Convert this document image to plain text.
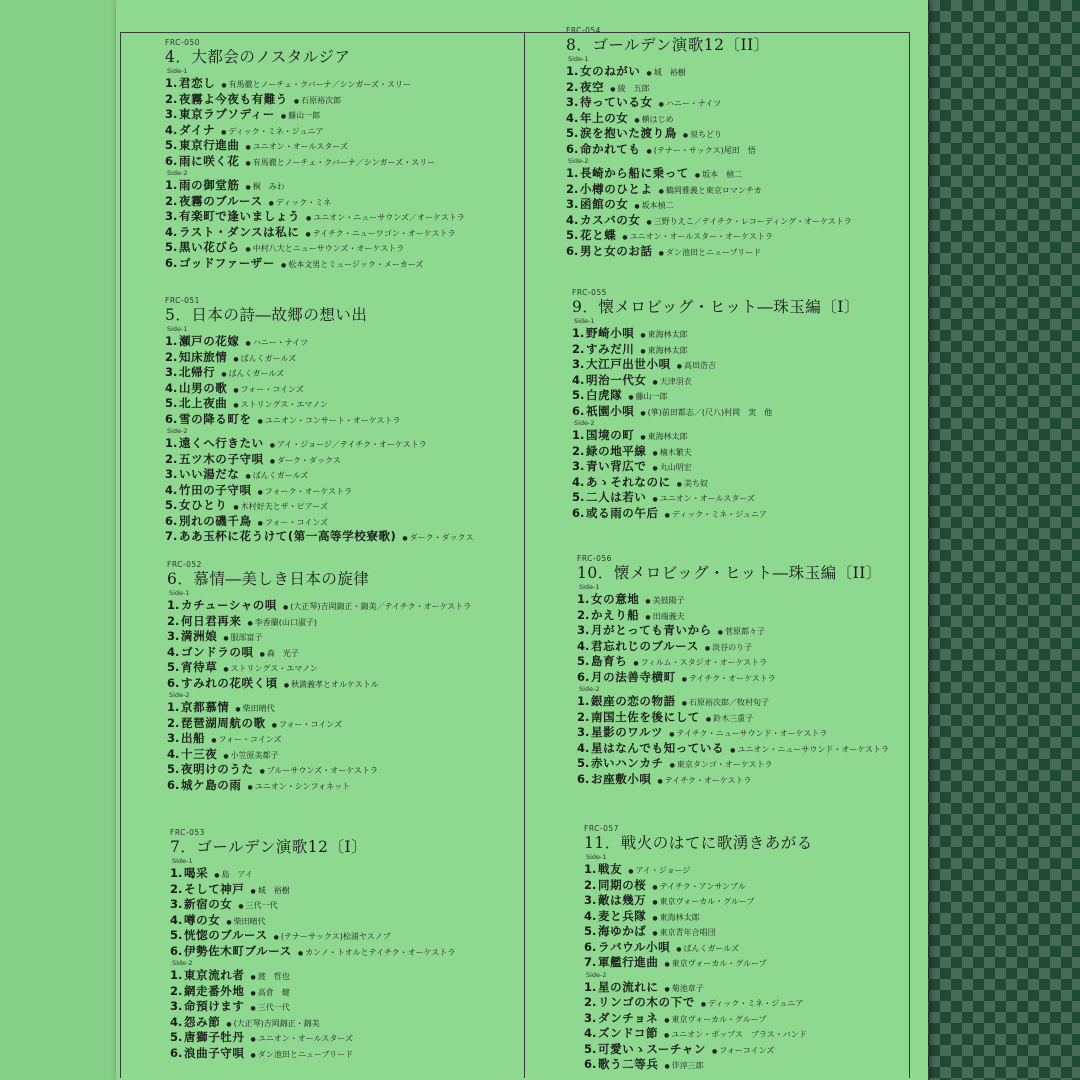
FRC-050
4．大都会のノスタルジア
Side-1
1. 君恋し ● 有馬徹とノーチェ・クバーナ／シンガーズ・スリー
2. 夜霧よ今夜も有難う ● 石原裕次郎
3. 東京ラプソディー ● 藤山一郎
4. ダイナ ● ディック・ミネ・ジュニア
5. 東京行進曲 ● ユニオン・オールスターズ
6. 雨に咲く花 ● 有馬徹とノーチェ・クバーナ／シンガーズ・スリー
Side-2
1. 雨の御堂筋 ● 桐　みわ
2. 夜霧のブルース ● ディック・ミネ
3. 有楽町で逢いましょう ● ユニオン・ニューサウンズ／オーケストラ
4. ラスト・ダンスは私に ● テイチク・ニューワゴン・オーケストラ
5. 黒い花びら ● 中村八大とニューサウンズ・オーケストラ
6. ゴッドファーザー ● 松本文男とミュージック・メーカーズ
FRC-051
5．日本の詩―故郷の想い出
Side-1
1. 瀬戸の花嫁 ● ハニー・ナイツ
2. 知床旅情 ● ばんくガールズ
3. 北帰行 ● ばんくガールズ
4. 山男の歌 ● フォー・コインズ
5. 北上夜曲 ● ストリングス・エマノン
6. 雪の降る町を ● ユニオン・コンサート・オーケストラ
Side-2
1. 遠くへ行きたい ● アイ・ジョージ／テイチク・オーケストラ
2. 五ツ木の子守唄 ● ダーク・ダックス
3. いい湯だな ● ばんくガールズ
4. 竹田の子守唄 ● フォーク・オーケストラ
5. 女ひとり ● 木村好夫とザ・ピアーズ
6. 別れの磯千鳥 ● フォー・コインズ
7. ああ玉杯に花うけて(第一高等学校寮歌) ● ダーク・ダックス
FRC-052
6．慕情―美しき日本の旋律
Side-1
1. カチューシャの唄 ● (大正琴)吉岡錦正・錦美／テイチク・オーケストラ
2. 何日君再来 ● 李香蘭(山口淑子)
3. 満洲娘 ● 服部富子
4. ゴンドラの唄 ● 森　光子
5. 宵待草 ● ストリングス・エマノン
6. すみれの花咲く頃 ● 秋満義孝とオルケストル
Side-2
1. 京都慕情 ● 柴田晴代
2. 琵琶湖周航の歌 ● フォー・コインズ
3. 出船 ● フォー・コインズ
4. 十三夜 ● 小笠原美都子
5. 夜明けのうた ● ブルーサウンズ・オーケストラ
6. 城ケ島の雨 ● ユニオン・シンフォネット
FRC-053
7．ゴールデン演歌12〔I〕
Side-1
1. 喝采 ● 島　アイ
2. そして神戸 ● 城　裕樹
3. 新宿の女 ● 三代一代
4. 噂の女 ● 柴田晴代
5. 恍惚のブルース ● (テナーサックス)松浦ヤスノブ
6. 伊勢佐木町ブルース ● カンノ・トオルとテイチク・オーケストラ
Side-2
1. 東京流れ者 ● 渡　哲也
2. 網走番外地 ● 高倉　健
3. 命預けます ● 三代一代
4. 怨み節 ● (大正琴)吉岡錦正・錦美
5. 唐獅子牡丹 ● ユニオン・オールスターズ
6. 浪曲子守唄 ● ダン池田とニューブリード
FRC-054
8．ゴールデン演歌12〔II〕
Side-1
1. 女のねがい ● 城　裕樹
2. 夜空 ● 綾　五郎
3. 待っている女 ● ハニー・ナイツ
4. 年上の女 ● 横はじめ
5. 涙を抱いた渡り鳥 ● 泉ちどり
6. 命かれても ● (テナー・サックス)尾田　悟
Side-2
1. 長崎から船に乗って ● 坂本　楨二
2. 小樽のひとよ ● 鶴岡雅義と東京ロマンチカ
3. 函館の女 ● 坂本楨二
4. カスバの女 ● 三野りえこ／テイチク・レコーディング・オーケストラ
5. 花と蝶 ● ユニオン・オールスター・オーケストラ
6. 男と女のお話 ● ダン池田とニューブリード
FRC-055
9．懐メロビッグ・ヒット―珠玉編〔I〕
Side-1
1. 野崎小唄 ● 東海林太郎
2. すみだ川 ● 東海林太郎
3. 大江戸出世小唄 ● 高田浩吉
4. 明治一代女 ● 天津羽衣
5. 白虎隊 ● 藤山一郎
6. 祇園小唄 ● (箏)前田都志／(尺八)村岡　実　他
Side-2
1. 国境の町 ● 東海林太郎
2. 緑の地平線 ● 楠木繁夫
3. 青い背広で ● 丸山明宏
4. あゝそれなのに ● 美ち奴
5. 二人は若い ● ユニオン・オールスターズ
6. 或る雨の午后 ● ディック・ミネ・ジュニア
FRC-056
10．懐メロビッグ・ヒット―珠玉編〔II〕
Side-1
1. 女の意地 ● 美鼓陽子
2. かえり船 ● 田端義夫
3. 月がとっても青いから ● 菅原都々子
4. 君忘れじのブルース ● 淡谷のり子
5. 島育ち ● フィルム・スタジオ・オーケストラ
6. 月の法善寺横町 ● テイチク・オーケストラ
Side-2
1. 銀座の恋の物語 ● 石原裕次郎／牧村旬子
2. 南国土佐を後にして ● 鈴木三重子
3. 星影のワルツ ● テイチク・ニューサウンド・オーケストラ
4. 星はなんでも知っている ● ユニオン・ニューサウンド・オーケストラ
5. 赤いハンカチ ● 東京タンゴ・オーケストラ
6. お座敷小唄 ● テイチク・オーケストラ
FRC-057
11．戦火のはてに歌湧きあがる
Side-1
1. 戦友 ● アイ・ジョージ
2. 同期の桜 ● テイチク・アンサンブル
3. 敵は幾万 ● 東京ヴォーカル・グループ
4. 麦と兵隊 ● 東海林太郎
5. 海ゆかば ● 東京青年合唱団
6. ラバウル小唄 ● ぱんくガールズ
7. 軍艦行進曲 ● 東京ヴォーカル・グループ
Side-2
1. 星の流れに ● 菊池章子
2. リンゴの木の下で ● ディック・ミネ・ジュニア
3. ダンチョネ ● 東京ヴォーカル・グループ
4. ズンドコ節 ● ユニオン・ポップス　ブラス・バンド
5. 可愛いゝスーチャン ● フォーコインズ
6. 歌う二等兵 ● 伴淳三郎
